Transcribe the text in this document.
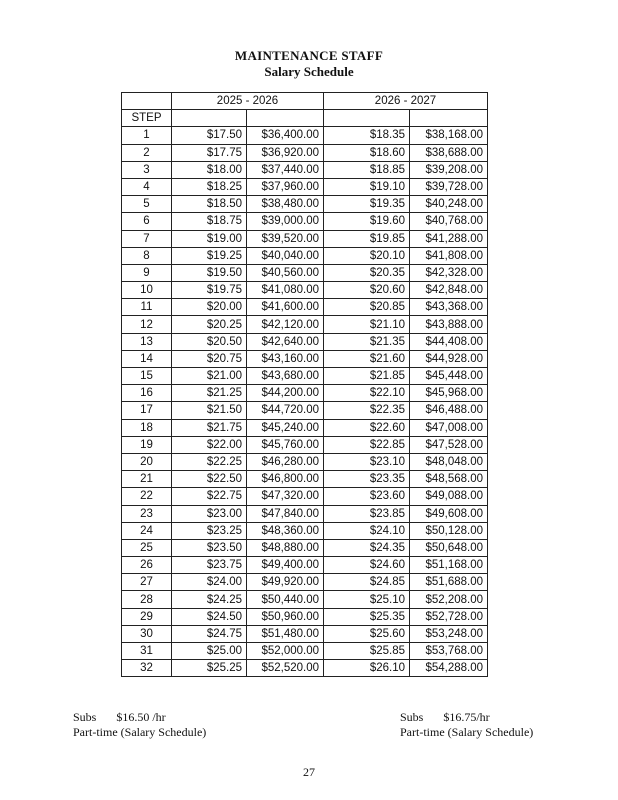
MAINTENANCE STAFF
Salary Schedule
	2025 - 2026		2026 - 2027	
STEP				
1	$17.50	$36,400.00	$18.35	$38,168.00
2	$17.75	$36,920.00	$18.60	$38,688.00
3	$18.00	$37,440.00	$18.85	$39,208.00
4	$18.25	$37,960.00	$19.10	$39,728.00
5	$18.50	$38,480.00	$19.35	$40,248.00
6	$18.75	$39,000.00	$19.60	$40,768.00
7	$19.00	$39,520.00	$19.85	$41,288.00
8	$19.25	$40,040.00	$20.10	$41,808.00
9	$19.50	$40,560.00	$20.35	$42,328.00
10	$19.75	$41,080.00	$20.60	$42,848.00
11	$20.00	$41,600.00	$20.85	$43,368.00
12	$20.25	$42,120.00	$21.10	$43,888.00
13	$20.50	$42,640.00	$21.35	$44,408.00
14	$20.75	$43,160.00	$21.60	$44,928.00
15	$21.00	$43,680.00	$21.85	$45,448.00
16	$21.25	$44,200.00	$22.10	$45,968.00
17	$21.50	$44,720.00	$22.35	$46,488.00
18	$21.75	$45,240.00	$22.60	$47,008.00
19	$22.00	$45,760.00	$22.85	$47,528.00
20	$22.25	$46,280.00	$23.10	$48,048.00
21	$22.50	$46,800.00	$23.35	$48,568.00
22	$22.75	$47,320.00	$23.60	$49,088.00
23	$23.00	$47,840.00	$23.85	$49,608.00
24	$23.25	$48,360.00	$24.10	$50,128.00
25	$23.50	$48,880.00	$24.35	$50,648.00
26	$23.75	$49,400.00	$24.60	$51,168.00
27	$24.00	$49,920.00	$24.85	$51,688.00
28	$24.25	$50,440.00	$25.10	$52,208.00
29	$24.50	$50,960.00	$25.35	$52,728.00
30	$24.75	$51,480.00	$25.60	$53,248.00
31	$25.00	$52,000.00	$25.85	$53,768.00
32	$25.25	$52,520.00	$26.10	$54,288.00
Subs $16.50 /hr
Part-time (Salary Schedule)
Subs $16.75/hr
Part-time (Salary Schedule)
27
